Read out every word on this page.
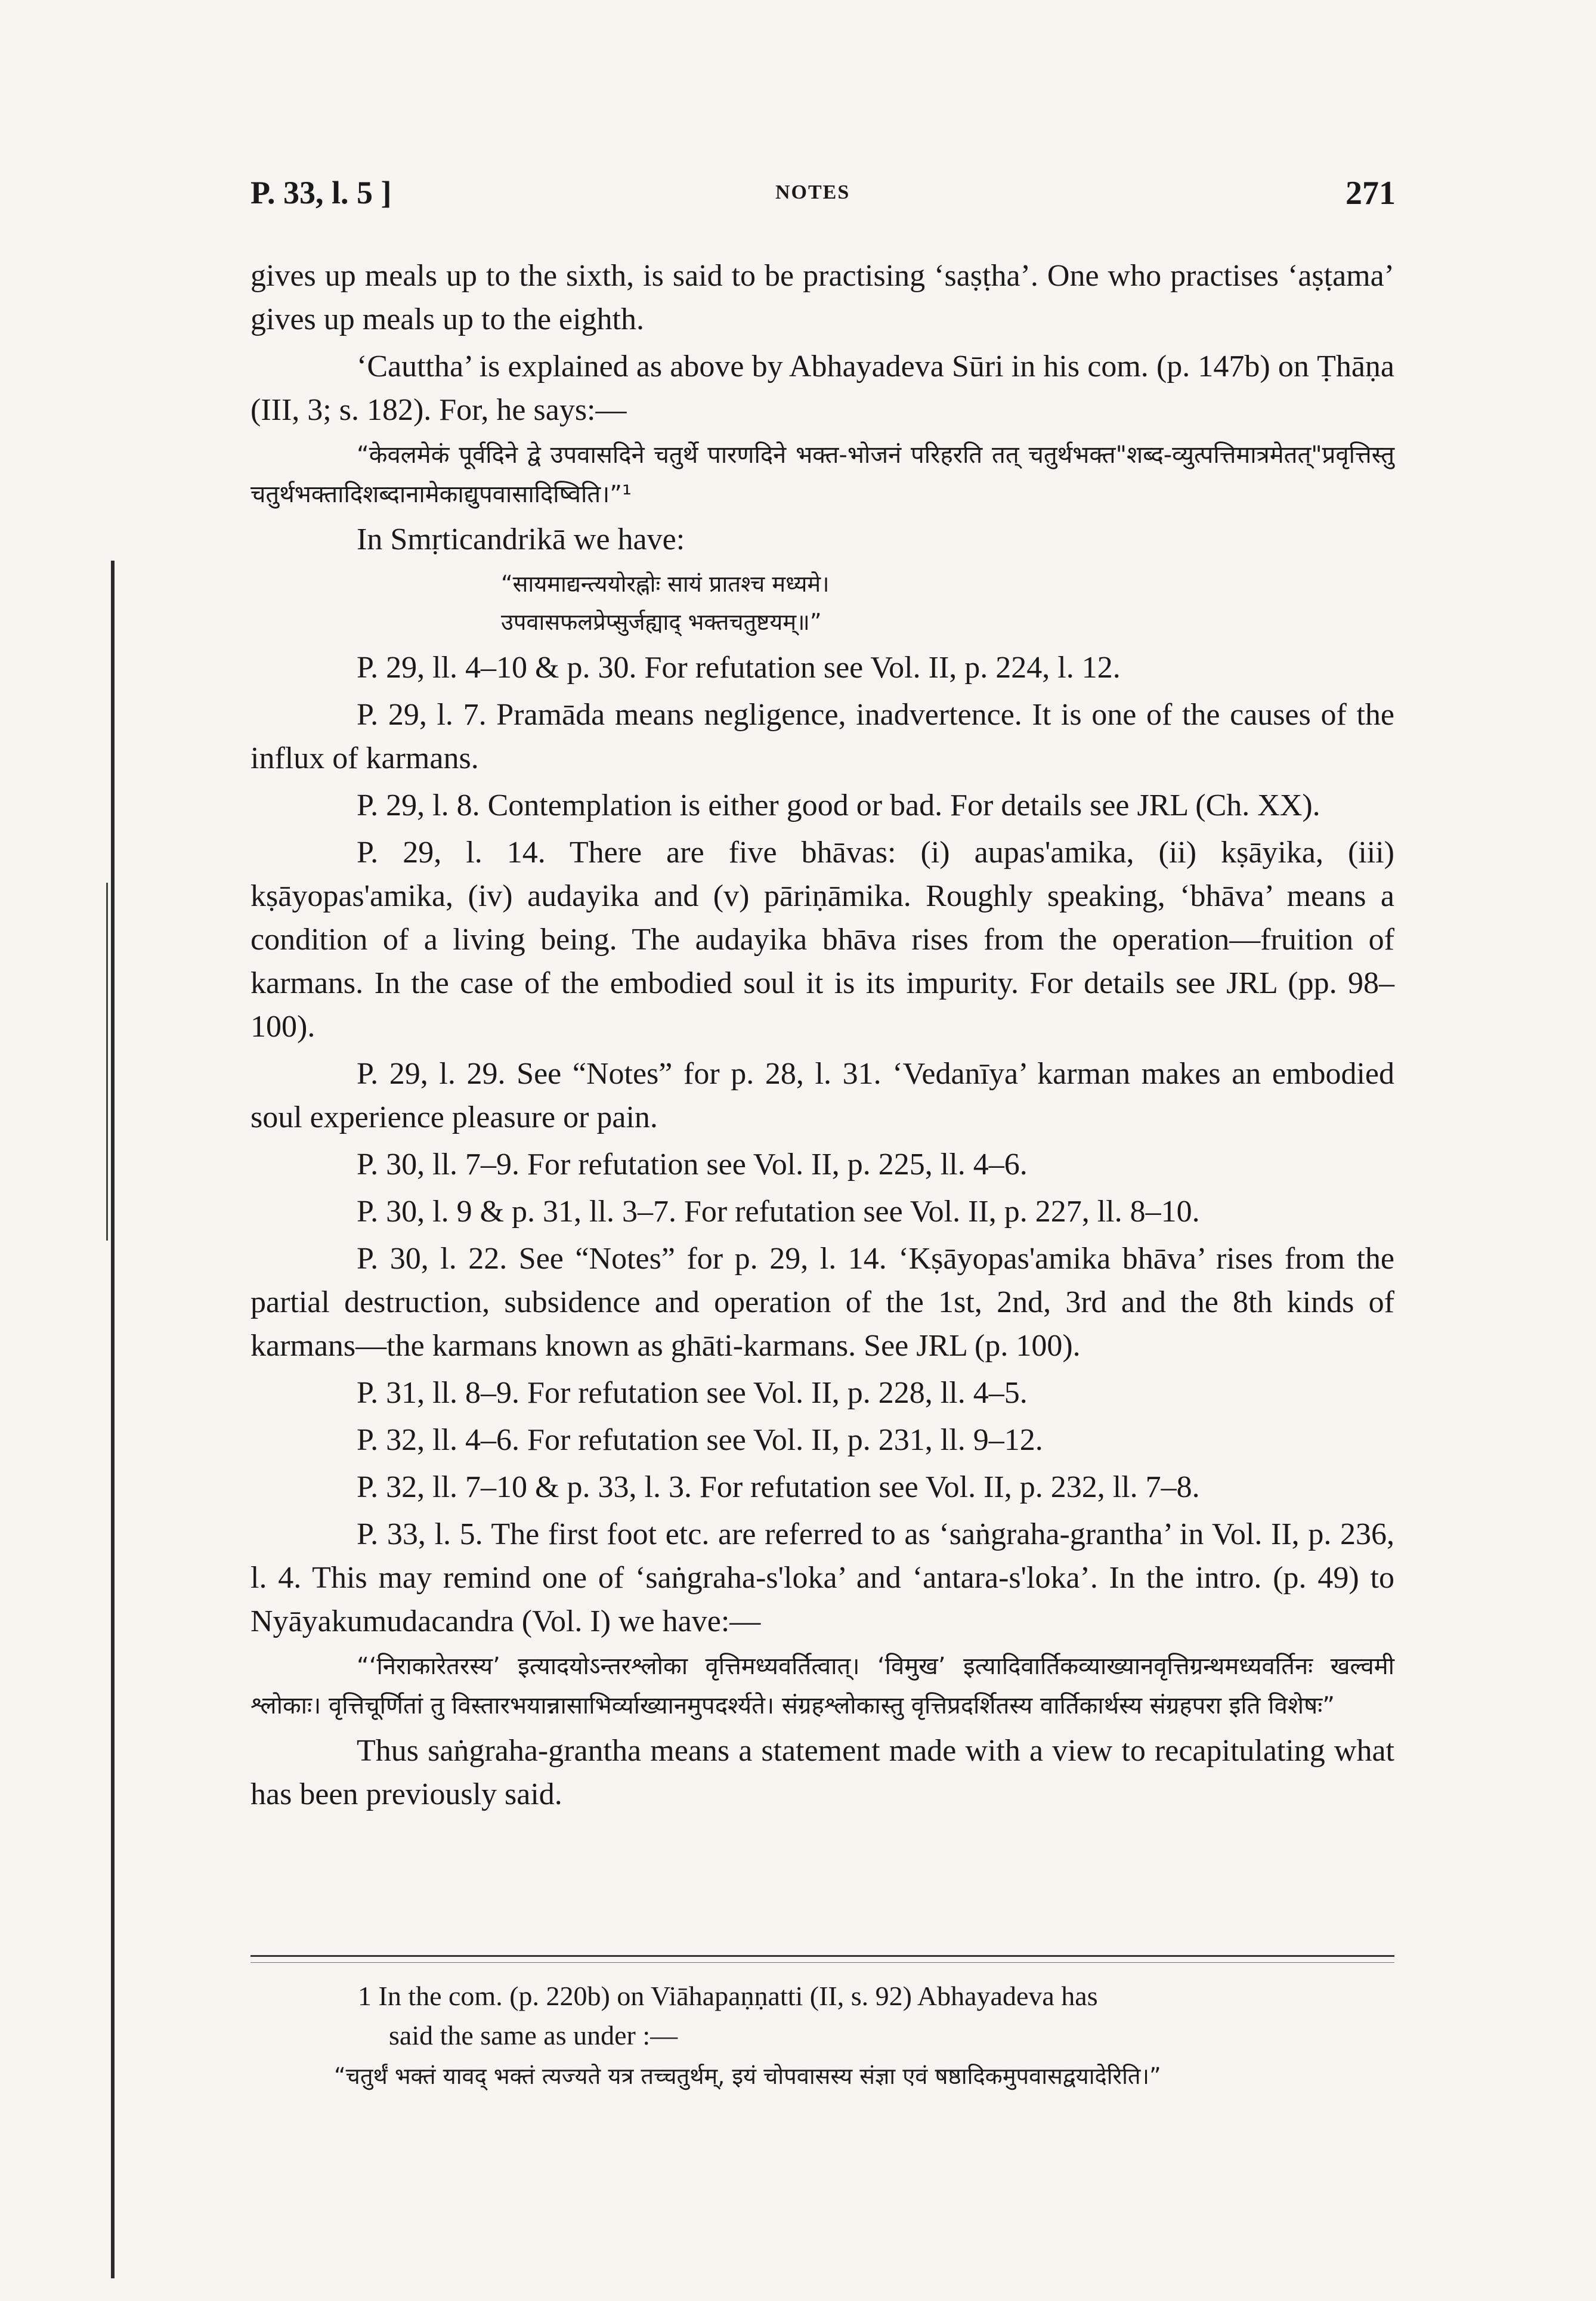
P. 33, l. 5 ]	NOTES	271

gives up meals up to the sixth, is said to be practising ‘saṣṭha’. One who practises ‘aṣṭama’ gives up meals up to the eighth.

‘Cauttha’ is explained as above by Abhayadeva Sūri in his com. (p. 147b) on Ṭhāṇa (III, 3; s. 182). For, he says:—

“केवलमेकं पूर्वदिने द्वे उपवासदिने चतुर्थे पारणदिने भक्त-भोजनं परिहरति तत् चतुर्थभक्त"शब्द-व्युत्पत्तिमात्रमेतत्"प्रवृत्तिस्तु चतुर्थभक्तादिशब्दानामेकाद्युपवासादिष्विति।”¹

In Smṛticandrikā we have:

“सायमाद्यन्त्ययोरह्नोः सायं प्रातश्च मध्यमे।
उपवासफलप्रेप्सुर्जह्याद् भक्तचतुष्टयम्॥”

P. 29, ll. 4–10 & p. 30. For refutation see Vol. II, p. 224, l. 12.

P. 29, l. 7. Pramāda means negligence, inadvertence. It is one of the causes of the influx of karmans.

P. 29, l. 8. Contemplation is either good or bad. For details see JRL (Ch. XX).

P. 29, l. 14. There are five bhāvas: (i) aupas'amika, (ii) kṣāyika, (iii) kṣāyopas'amika, (iv) audayika and (v) pāriṇāmika. Roughly speaking, ‘bhāva’ means a condition of a living being. The audayika bhāva rises from the operation—fruition of karmans. In the case of the embodied soul it is its impurity. For details see JRL (pp. 98–100).

P. 29, l. 29. See “Notes” for p. 28, l. 31. ‘Vedanīya’ karman makes an embodied soul experience pleasure or pain.

P. 30, ll. 7–9. For refutation see Vol. II, p. 225, ll. 4–6.

P. 30, l. 9 & p. 31, ll. 3–7. For refutation see Vol. II, p. 227, ll. 8–10.

P. 30, l. 22. See “Notes” for p. 29, l. 14. ‘Kṣāyopas'amika bhāva’ rises from the partial destruction, subsidence and operation of the 1st, 2nd, 3rd and the 8th kinds of karmans—the karmans known as ghāti-karmans. See JRL (p. 100).

P. 31, ll. 8–9. For refutation see Vol. II, p. 228, ll. 4–5.

P. 32, ll. 4–6. For refutation see Vol. II, p. 231, ll. 9–12.

P. 32, ll. 7–10 & p. 33, l. 3. For refutation see Vol. II, p. 232, ll. 7–8.

P. 33, l. 5. The first foot etc. are referred to as ‘saṅgraha-grantha’ in Vol. II, p. 236, l. 4. This may remind one of ‘saṅgraha-s'loka’ and ‘antara-s'loka’. In the intro. (p. 49) to Nyāyakumudacandra (Vol. I) we have:—

“‘निराकारेतरस्य’ इत्यादयोऽन्तरश्लोका वृत्तिमध्यवर्तित्वात्। ‘विमुख’ इत्यादिवार्तिकव्याख्यानवृत्तिग्रन्थमध्यवर्तिनः खल्वमी श्लोकाः। वृत्तिचूर्णितां तु विस्तारभयान्नासाभिर्व्याख्यानमुपदर्श्यते। संग्रहश्लोकास्तु वृत्तिप्रदर्शितस्य वार्तिकार्थस्य संग्रहपरा इति विशेषः”

Thus saṅgraha-grantha means a statement made with a view to recapitulating what has been previously said.

1 In the com. (p. 220b) on Viāhapaṇṇatti (II, s. 92) Abhayadeva has

said the same as under :—

“चतुर्थं भक्तं यावद् भक्तं त्यज्यते यत्र तच्चतुर्थम्, इयं चोपवासस्य संज्ञा एवं षष्ठादिकमुपवासद्वयादेरिति।”
